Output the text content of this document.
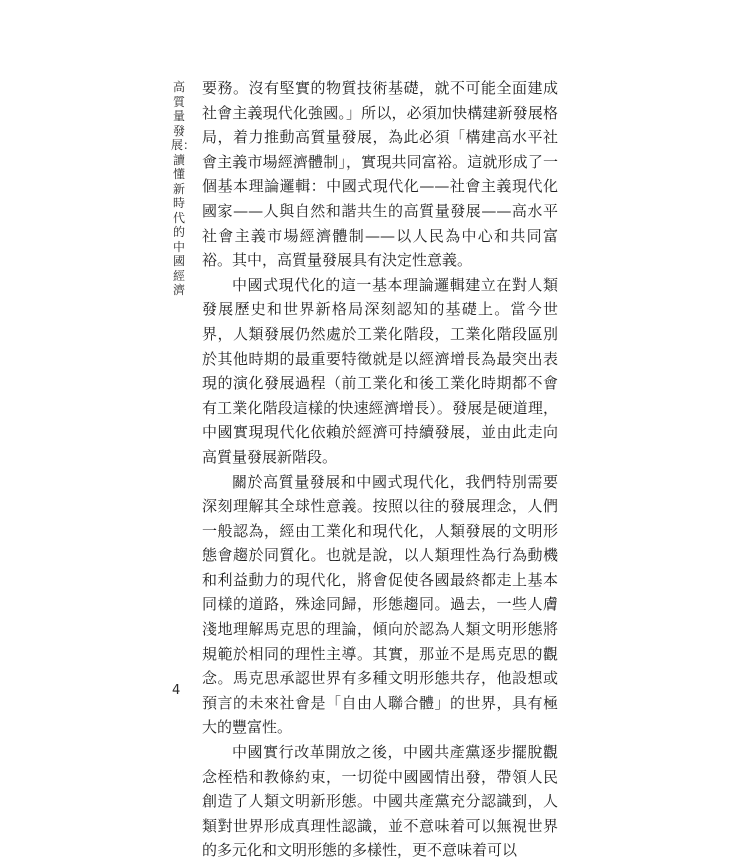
高質量發展：讀懂新時代的中國經濟

要務。沒有堅實的物質技術基礎，就不可能全面建成社會主義現代化強國。」所以，必須加快構建新發展格局，着力推動高質量發展，為此必須「構建高水平社會主義市場經濟體制」，實現共同富裕。這就形成了一個基本理論邏輯：中國式現代化——社會主義現代化國家——人與自然和諧共生的高質量發展——高水平社會主義市場經濟體制——以人民為中心和共同富裕。其中，高質量發展具有決定性意義。

中國式現代化的這一基本理論邏輯建立在對人類發展歷史和世界新格局深刻認知的基礎上。當今世界，人類發展仍然處於工業化階段，工業化階段區別於其他時期的最重要特徵就是以經濟增長為最突出表現的演化發展過程（前工業化和後工業化時期都不會有工業化階段這樣的快速經濟增長）。發展是硬道理，中國實現現代化依賴於經濟可持續發展，並由此走向高質量發展新階段。

關於高質量發展和中國式現代化，我們特別需要深刻理解其全球性意義。按照以往的發展理念，人們一般認為，經由工業化和現代化，人類發展的文明形態會趨於同質化。也就是說，以人類理性為行為動機和利益動力的現代化，將會促使各國最終都走上基本同樣的道路，殊途同歸，形態趨同。過去，一些人膚淺地理解馬克思的理論，傾向於認為人類文明形態將規範於相同的理性主導。其實，那並不是馬克思的觀念。馬克思承認世界有多種文明形態共存，他設想或預言的未來社會是「自由人聯合體」的世界，具有極大的豐富性。

中國實行改革開放之後，中國共產黨逐步擺脫觀念桎梏和教條約束，一切從中國國情出發，帶領人民創造了人類文明新形態。中國共產黨充分認識到，人類對世界形成真理性認識，並不意味着可以無視世界的多元化和文明形態的多樣性，更不意味着可以

4
